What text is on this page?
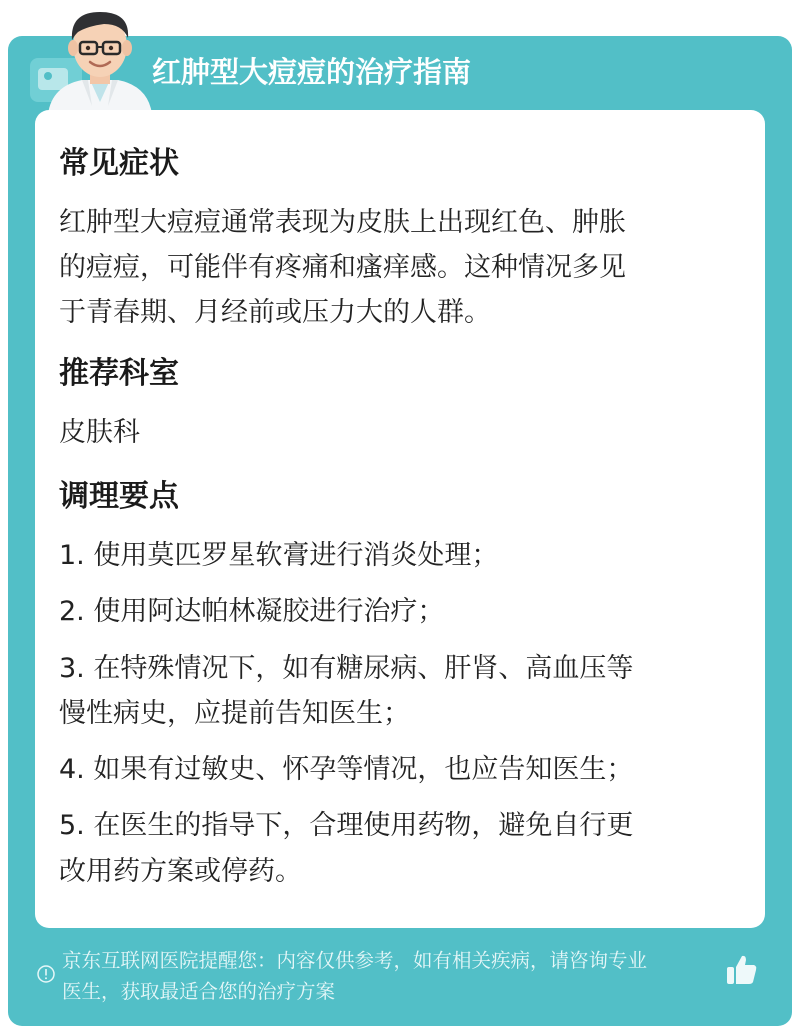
红肿型大痘痘的治疗指南
常见症状
红肿型大痘痘通常表现为皮肤上出现红色、肿胀
的痘痘，可能伴有疼痛和瘙痒感。这种情况多见
于青春期、月经前或压力大的人群。
推荐科室
皮肤科
调理要点
1. 使用莫匹罗星软膏进行消炎处理；
2. 使用阿达帕林凝胶进行治疗；
3. 在特殊情况下，如有糖尿病、肝肾、高血压等
慢性病史，应提前告知医生；
4. 如果有过敏史、怀孕等情况，也应告知医生；
5. 在医生的指导下，合理使用药物，避免自行更
改用药方案或停药。
京东互联网医院提醒您：内容仅供参考，如有相关疾病，请咨询专业
医生，获取最适合您的治疗方案
